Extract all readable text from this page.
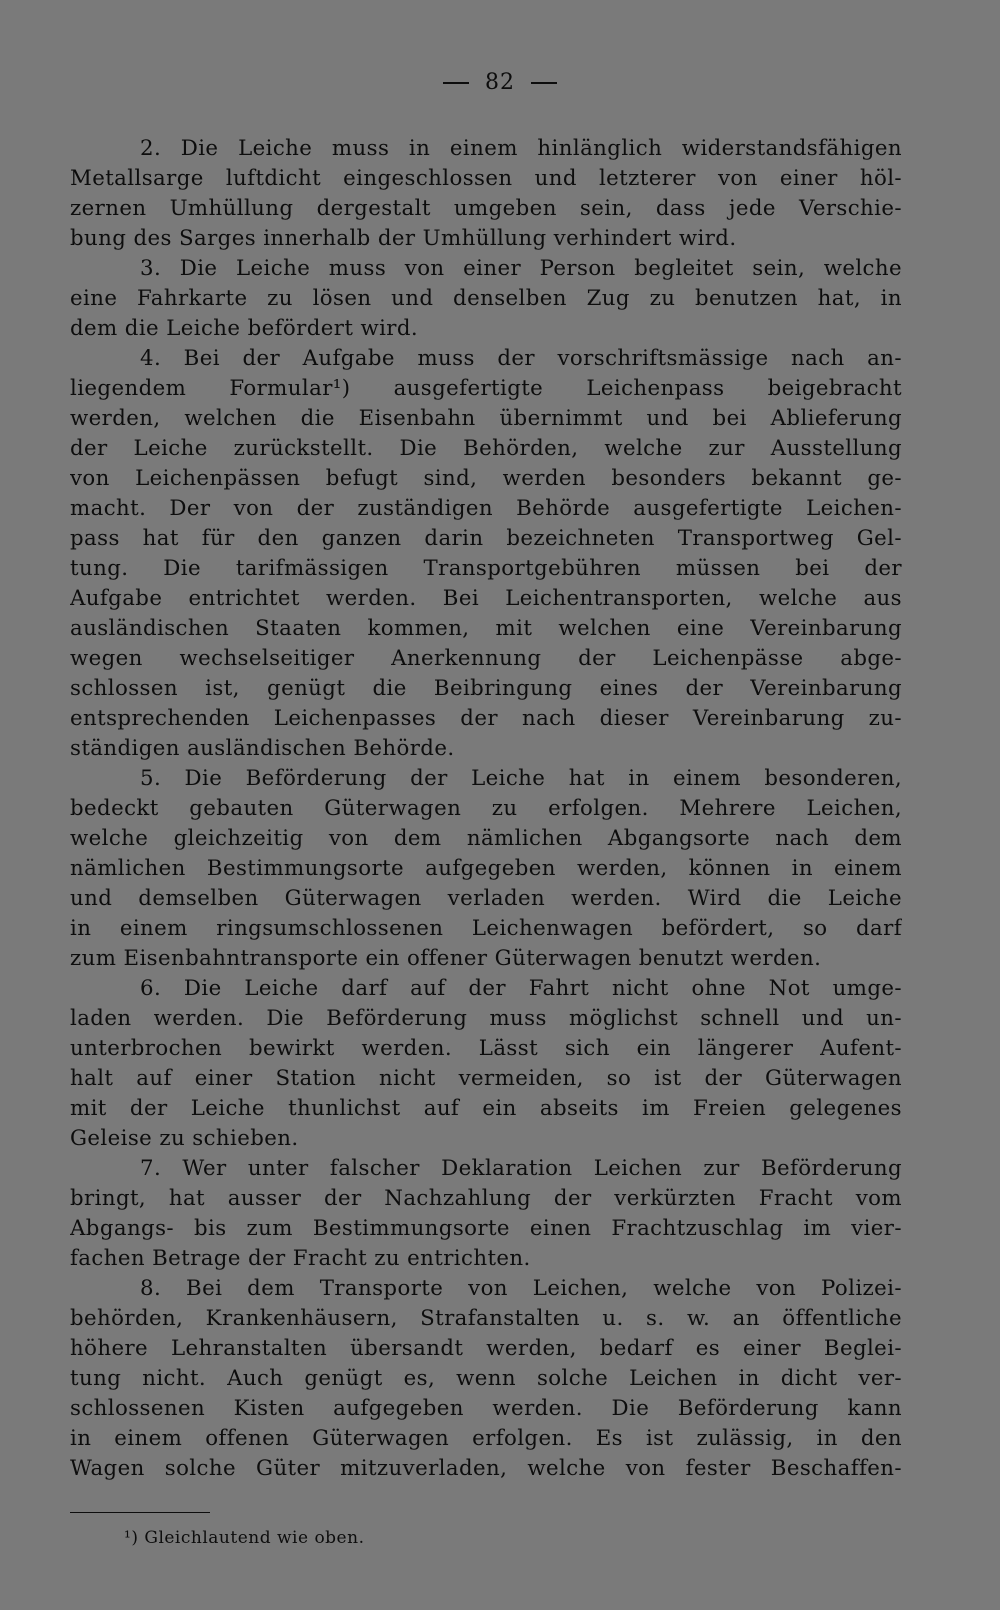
82
2. Die Leiche muss in einem hinlänglich widerstandsfähigen
Metallsarge luftdicht eingeschlossen und letzterer von einer höl-
zernen Umhüllung dergestalt umgeben sein, dass jede Verschie-
bung des Sarges innerhalb der Umhüllung verhindert wird.
3. Die Leiche muss von einer Person begleitet sein, welche
eine Fahrkarte zu lösen und denselben Zug zu benutzen hat, in
dem die Leiche befördert wird.
4. Bei der Aufgabe muss der vorschriftsmässige nach an-
liegendem Formular¹) ausgefertigte Leichenpass beigebracht
werden, welchen die Eisenbahn übernimmt und bei Ablieferung
der Leiche zurückstellt. Die Behörden, welche zur Ausstellung
von Leichenpässen befugt sind, werden besonders bekannt ge-
macht. Der von der zuständigen Behörde ausgefertigte Leichen-
pass hat für den ganzen darin bezeichneten Transportweg Gel-
tung. Die tarifmässigen Transportgebühren müssen bei der
Aufgabe entrichtet werden. Bei Leichentransporten, welche aus
ausländischen Staaten kommen, mit welchen eine Vereinbarung
wegen wechselseitiger Anerkennung der Leichenpässe abge-
schlossen ist, genügt die Beibringung eines der Vereinbarung
entsprechenden Leichenpasses der nach dieser Vereinbarung zu-
ständigen ausländischen Behörde.
5. Die Beförderung der Leiche hat in einem besonderen,
bedeckt gebauten Güterwagen zu erfolgen. Mehrere Leichen,
welche gleichzeitig von dem nämlichen Abgangsorte nach dem
nämlichen Bestimmungsorte aufgegeben werden, können in einem
und demselben Güterwagen verladen werden. Wird die Leiche
in einem ringsumschlossenen Leichenwagen befördert, so darf
zum Eisenbahntransporte ein offener Güterwagen benutzt werden.
6. Die Leiche darf auf der Fahrt nicht ohne Not umge-
laden werden. Die Beförderung muss möglichst schnell und un-
unterbrochen bewirkt werden. Lässt sich ein längerer Aufent-
halt auf einer Station nicht vermeiden, so ist der Güterwagen
mit der Leiche thunlichst auf ein abseits im Freien gelegenes
Geleise zu schieben.
7. Wer unter falscher Deklaration Leichen zur Beförderung
bringt, hat ausser der Nachzahlung der verkürzten Fracht vom
Abgangs- bis zum Bestimmungsorte einen Frachtzuschlag im vier-
fachen Betrage der Fracht zu entrichten.
8. Bei dem Transporte von Leichen, welche von Polizei-
behörden, Krankenhäusern, Strafanstalten u. s. w. an öffentliche
höhere Lehranstalten übersandt werden, bedarf es einer Beglei-
tung nicht. Auch genügt es, wenn solche Leichen in dicht ver-
schlossenen Kisten aufgegeben werden. Die Beförderung kann
in einem offenen Güterwagen erfolgen. Es ist zulässig, in den
Wagen solche Güter mitzuverladen, welche von fester Beschaffen-
¹) Gleichlautend wie oben.
